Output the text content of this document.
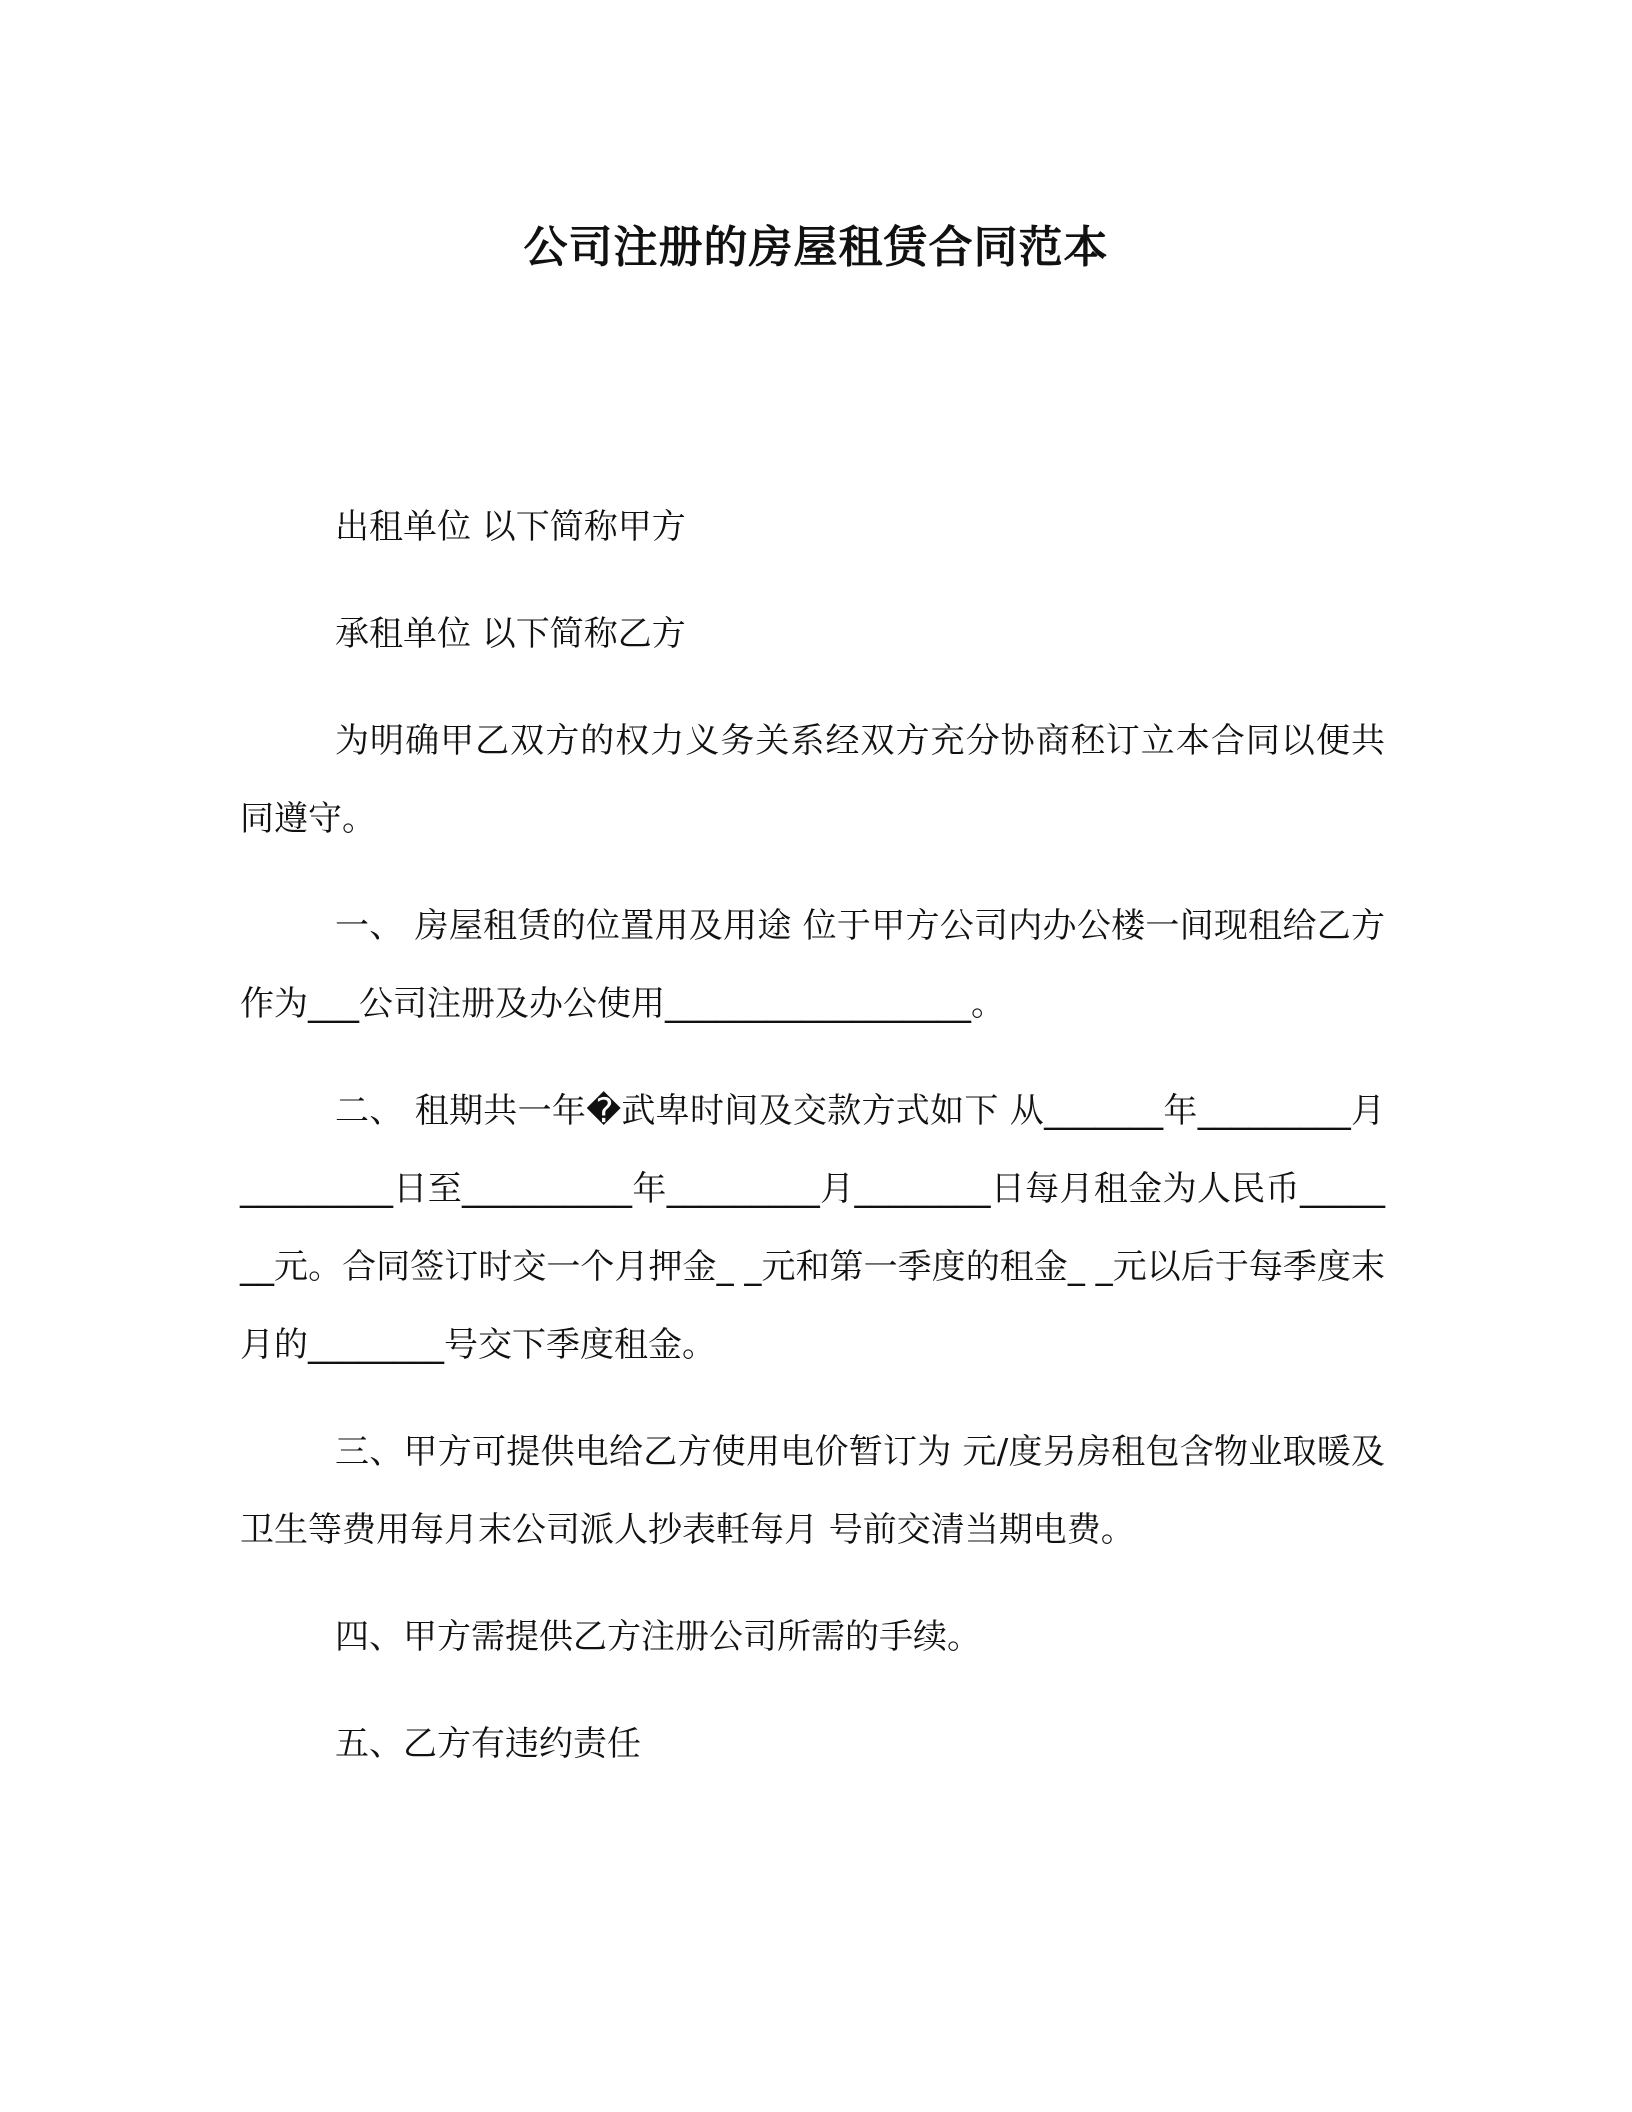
公司注册的房屋租赁合同范本

出租单位 以下简称甲方

承租单位 以下简称乙方

为明确甲乙双方的权力义务关系经双方充分协商秠订立本合同以便共同遵守。

一、 房屋租赁的位置用及用途 位于甲方公司内办公楼一间现租给乙方作为___公司注册及办公使用__________________。

二、 租期共一年�武卑时间及交款方式如下 从_______年_________月_________日至__________年_________月________日每月租金为人民币_______元。合同签订时交一个月押金_ _元和第一季度的租金_ _元以后于每季度末月的________号交下季度租金。

三、甲方可提供电给乙方使用电价暂订为 元/度另房租包含物业取暖及卫生等费用每月末公司派人抄表軠每月 号前交清当期电费。

四、甲方需提供乙方注册公司所需的手续。

五、乙方有违约责任
